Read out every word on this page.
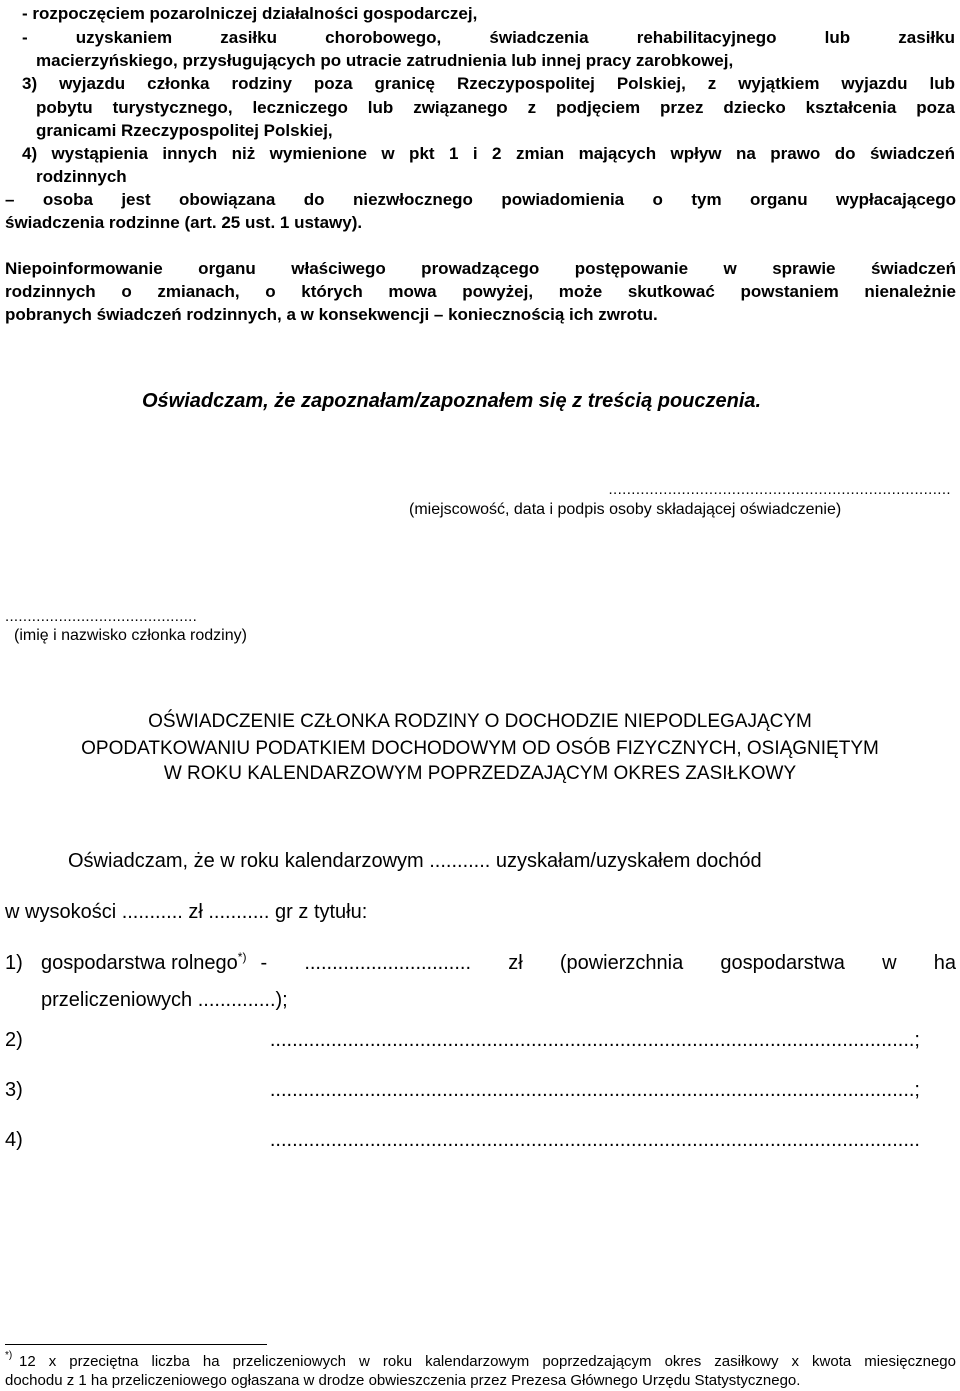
- rozpoczęciem pozarolniczej działalności gospodarczej,
- uzyskaniem zasiłku chorobowego, świadczenia rehabilitacyjnego lub zasiłku
macierzyńskiego, przysługujących po utracie zatrudnienia lub innej pracy zarobkowej,
3) wyjazdu członka rodziny poza granicę Rzeczypospolitej Polskiej, z wyjątkiem wyjazdu lub
pobytu turystycznego, leczniczego lub związanego z podjęciem przez dziecko kształcenia poza
granicami Rzeczypospolitej Polskiej,
4) wystąpienia innych niż wymienione w pkt 1 i 2 zmian mających wpływ na prawo do świadczeń
rodzinnych
– osoba jest obowiązana do niezwłocznego powiadomienia o tym organu wypłacającego
świadczenia rodzinne (art. 25 ust. 1 ustawy).
Niepoinformowanie organu właściwego prowadzącego postępowanie w sprawie świadczeń
rodzinnych o zmianach, o których mowa powyżej, może skutkować powstaniem nienależnie
pobranych świadczeń rodzinnych, a w konsekwencji – koniecznością ich zwrotu.
Oświadczam, że zapoznałam/zapoznałem się z treścią pouczenia.
...........................................................................
(miejscowość, data i podpis osoby składającej oświadczenie)
...........................................
(imię i nazwisko członka rodziny)
OŚWIADCZENIE CZŁONKA RODZINY O DOCHODZIE NIEPODLEGAJĄCYM
OPODATKOWANIU PODATKIEM DOCHODOWYM OD OSÓB FIZYCZNYCH, OSIĄGNIĘTYM
W ROKU KALENDARZOWYM POPRZEDZAJĄCYM OKRES ZASIŁKOWY
Oświadczam, że w roku kalendarzowym ........... uzyskałam/uzyskałem dochód
w wysokości ........... zł ........... gr z tytułu:
1) gospodarstwa rolnego*) - .............................. zł (powierzchnia gospodarstwa w ha
przeliczeniowych ..............);
2)	....................................................................................................................;
3)	....................................................................................................................;
4)	.....................................................................................................................
*) 12 x przeciętna liczba ha przeliczeniowych w roku kalendarzowym poprzedzającym okres zasiłkowy x kwota miesięcznego
dochodu z 1 ha przeliczeniowego ogłaszana w drodze obwieszczenia przez Prezesa Głównego Urzędu Statystycznego.
